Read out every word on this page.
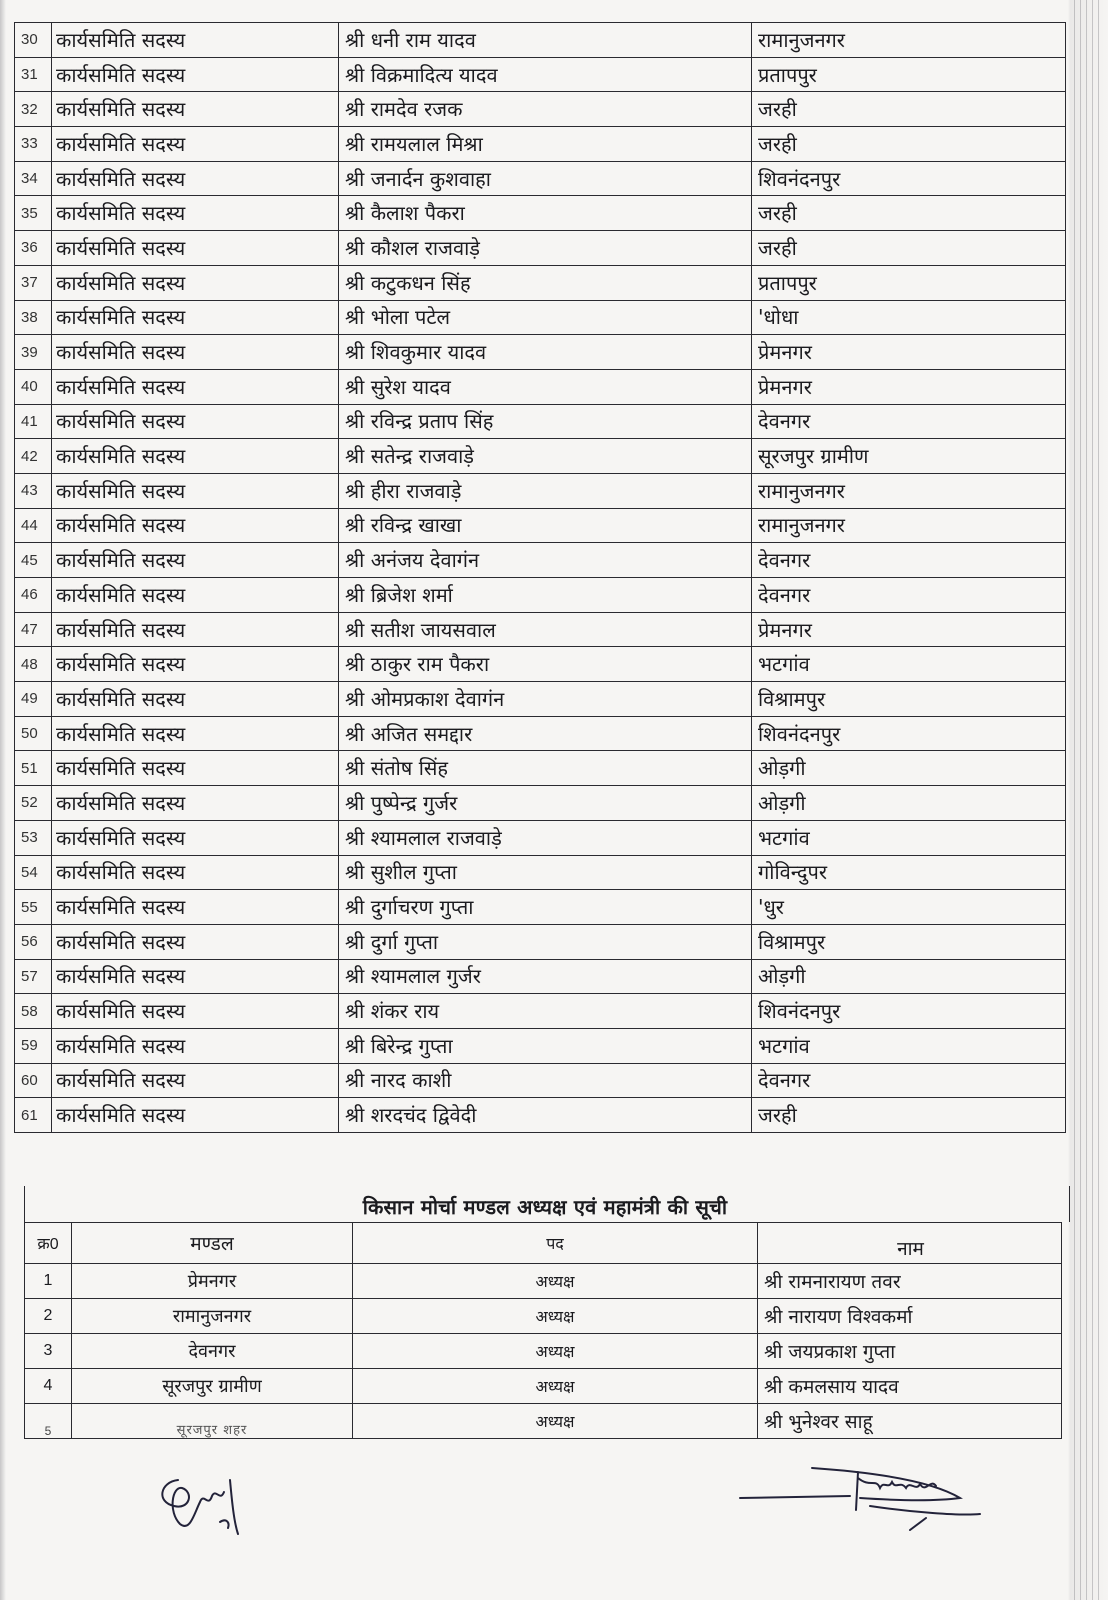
30	कार्यसमिति सदस्य	श्री धनी राम यादव	रामानुजनगर
31	कार्यसमिति सदस्य	श्री विक्रमादित्य यादव	प्रतापपुर
32	कार्यसमिति सदस्य	श्री रामदेव रजक	जरही
33	कार्यसमिति सदस्य	श्री रामयलाल मिश्रा	जरही
34	कार्यसमिति सदस्य	श्री जनार्दन कुशवाहा	शिवनंदनपुर
35	कार्यसमिति सदस्य	श्री कैलाश पैकरा	जरही
36	कार्यसमिति सदस्य	श्री कौशल राजवाड़े	जरही
37	कार्यसमिति सदस्य	श्री कटुकधन सिंह	प्रतापपुर
38	कार्यसमिति सदस्य	श्री भोला पटेल	'धोधा
39	कार्यसमिति सदस्य	श्री शिवकुमार यादव	प्रेमनगर
40	कार्यसमिति सदस्य	श्री सुरेश यादव	प्रेमनगर
41	कार्यसमिति सदस्य	श्री रविन्द्र प्रताप सिंह	देवनगर
42	कार्यसमिति सदस्य	श्री सतेन्द्र राजवाड़े	सूरजपुर ग्रामीण
43	कार्यसमिति सदस्य	श्री हीरा राजवाड़े	रामानुजनगर
44	कार्यसमिति सदस्य	श्री रविन्द्र खाखा	रामानुजनगर
45	कार्यसमिति सदस्य	श्री अनंजय देवागंन	देवनगर
46	कार्यसमिति सदस्य	श्री ब्रिजेश शर्मा	देवनगर
47	कार्यसमिति सदस्य	श्री सतीश जायसवाल	प्रेमनगर
48	कार्यसमिति सदस्य	श्री ठाकुर राम पैकरा	भटगांव
49	कार्यसमिति सदस्य	श्री ओमप्रकाश देवागंन	विश्रामपुर
50	कार्यसमिति सदस्य	श्री अजित समद्दार	शिवनंदनपुर
51	कार्यसमिति सदस्य	श्री संतोष सिंह	ओड़गी
52	कार्यसमिति सदस्य	श्री पुष्पेन्द्र गुर्जर	ओड़गी
53	कार्यसमिति सदस्य	श्री श्यामलाल राजवाड़े	भटगांव
54	कार्यसमिति सदस्य	श्री सुशील गुप्ता	गोविन्दुपर
55	कार्यसमिति सदस्य	श्री दुर्गाचरण गुप्ता	'धुर
56	कार्यसमिति सदस्य	श्री दुर्गा गुप्ता	विश्रामपुर
57	कार्यसमिति सदस्य	श्री श्यामलाल गुर्जर	ओड़गी
58	कार्यसमिति सदस्य	श्री शंकर राय	शिवनंदनपुर
59	कार्यसमिति सदस्य	श्री बिरेन्द्र गुप्ता	भटगांव
60	कार्यसमिति सदस्य	श्री नारद काशी	देवनगर
61	कार्यसमिति सदस्य	श्री शरदचंद द्विवेदी	जरही
किसान मोर्चा मण्डल अध्यक्ष एवं महामंत्री की सूची
क्र0	मण्डल	पद	नाम
1	प्रेमनगर	अध्यक्ष	श्री रामनारायण तवर
2	रामानुजनगर	अध्यक्ष	श्री नारायण विश्वकर्मा
3	देवनगर	अध्यक्ष	श्री जयप्रकाश गुप्ता
4	सूरजपुर ग्रामीण	अध्यक्ष	श्री कमलसाय यादव
5	सूरजपुर शहर	अध्यक्ष	श्री भुनेश्वर साहू
